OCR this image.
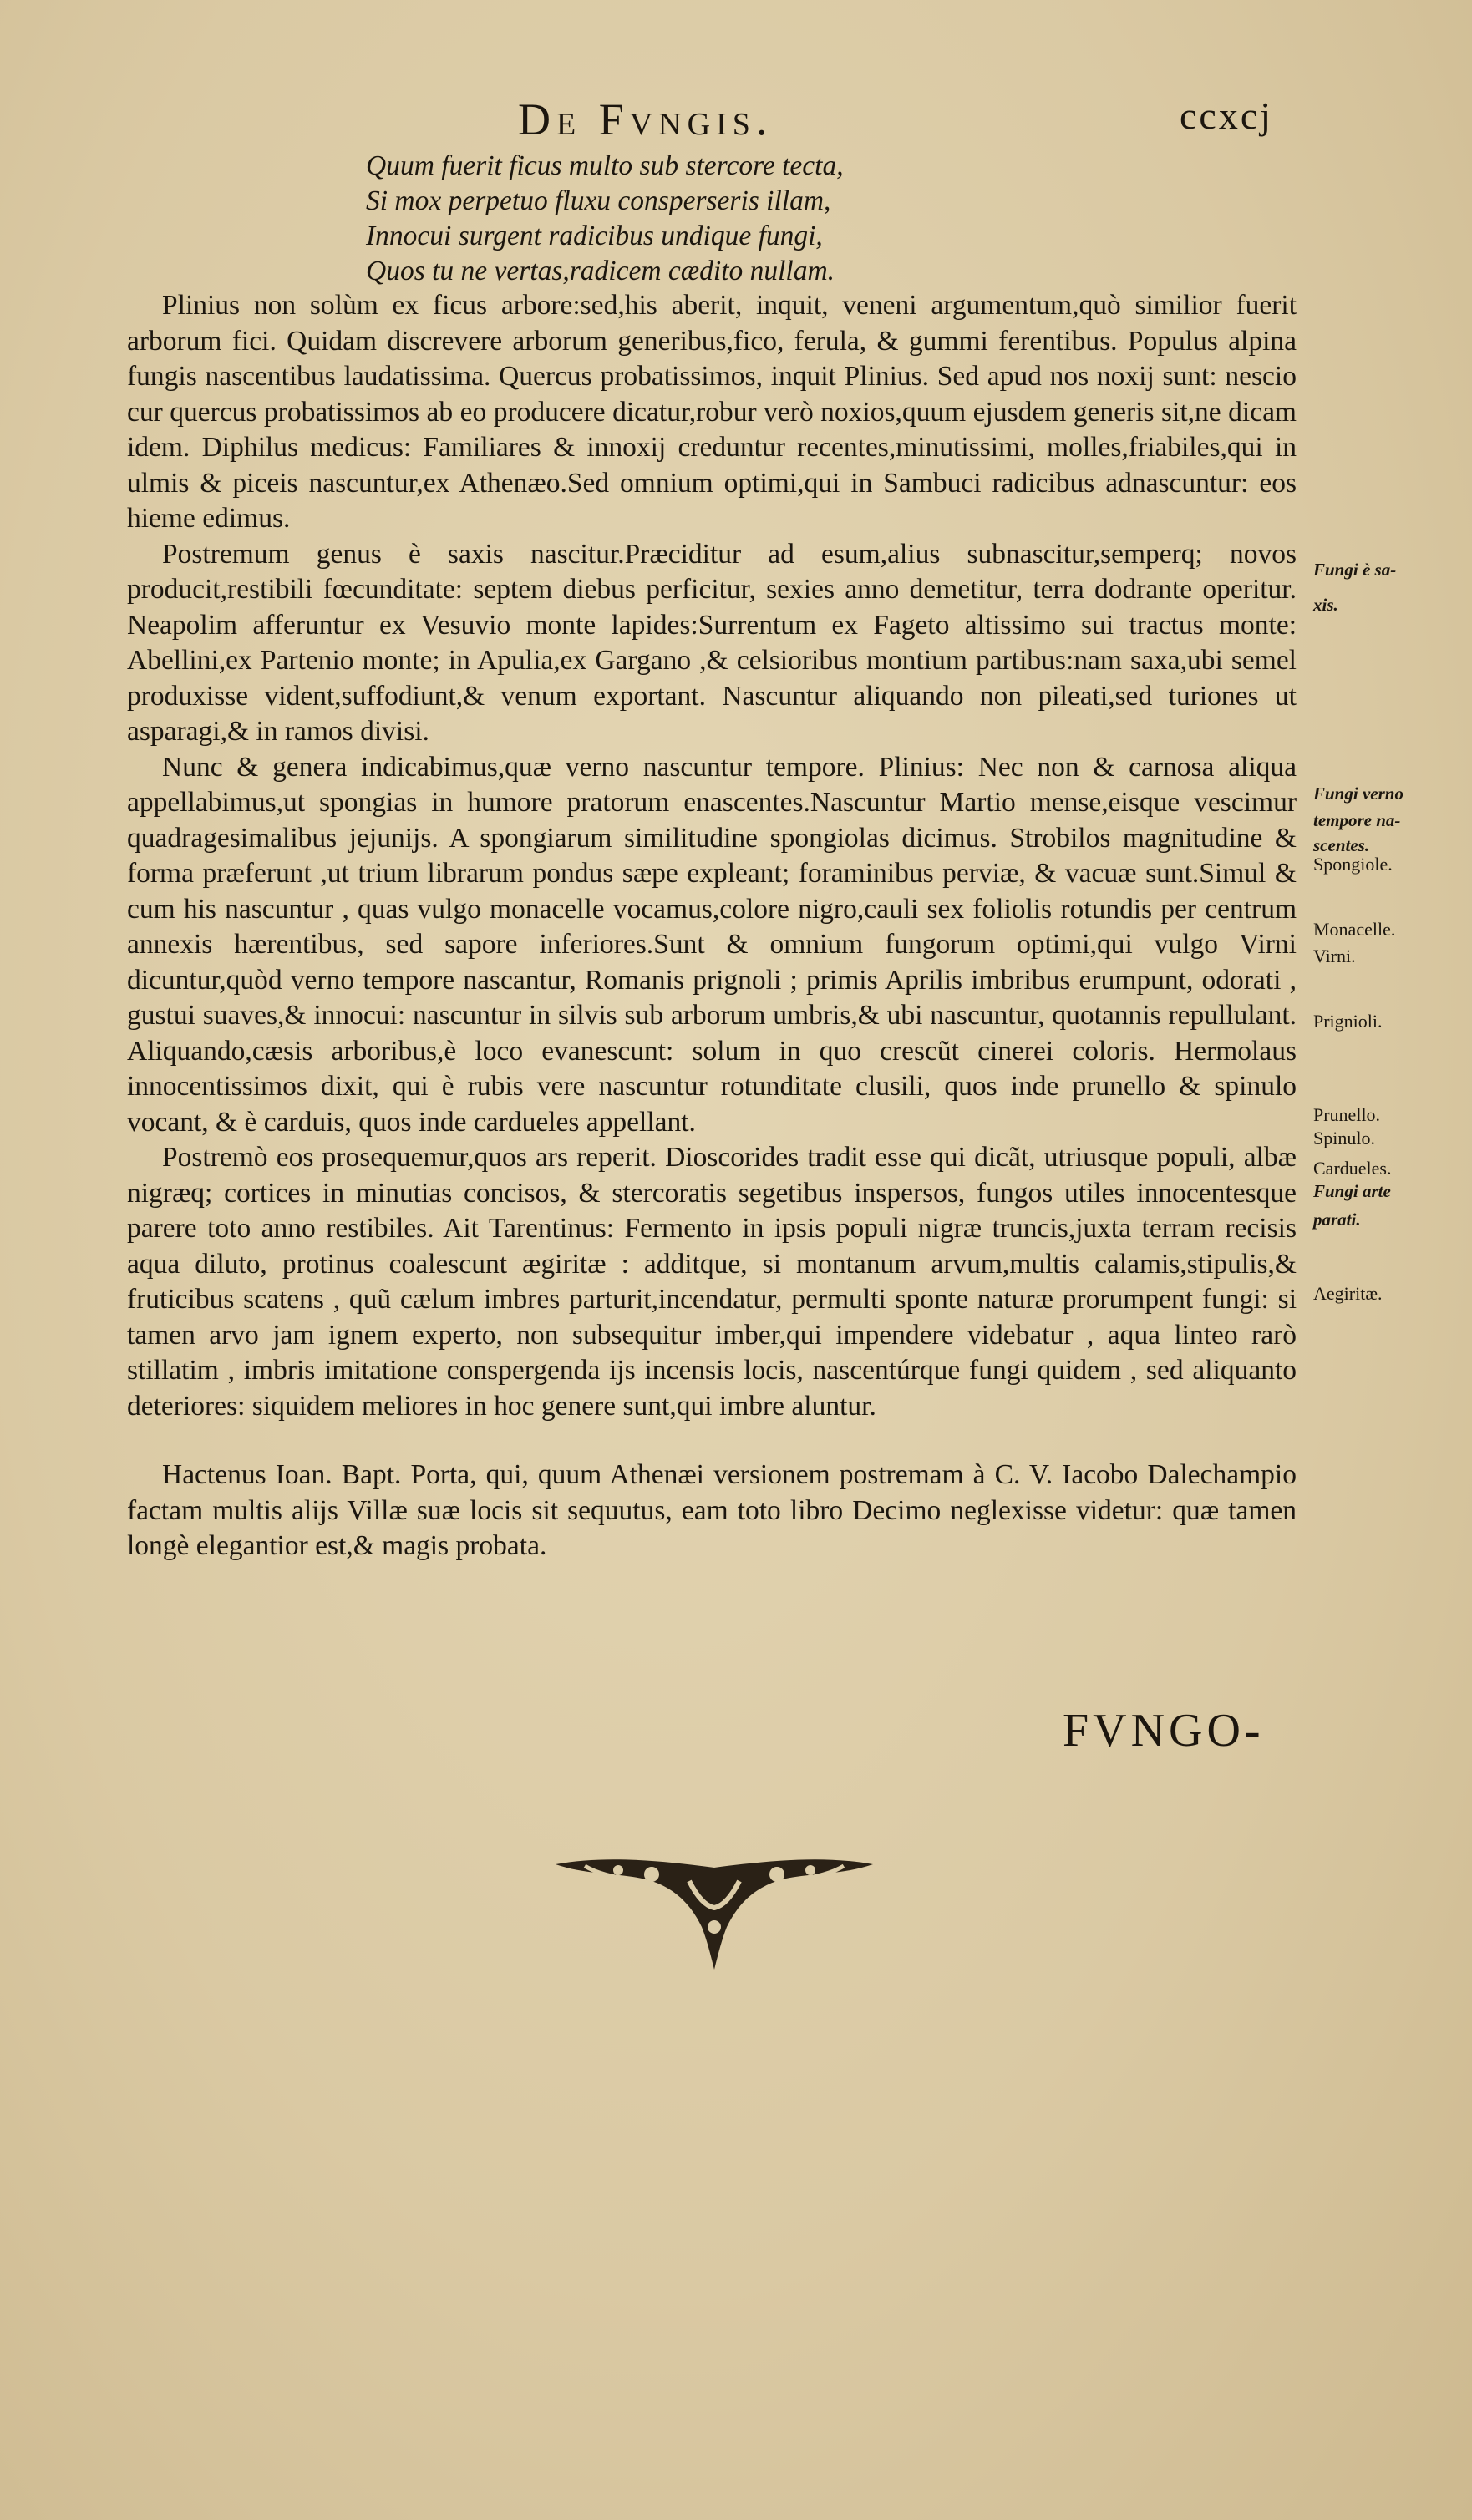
De Fvngis.	ccxcj
Quum fuerit ficus multo sub stercore tecta,
Si mox perpetuo fluxu consperseris illam,
Innocui surgent radicibus undique fungi,
Quos tu ne vertas,radicem cædito nullam.

Plinius non solùm ex ficus arbore:sed,his aberit, inquit, veneni argumentum,quò similior fuerit arborum fici. Quidam discrevere arborum generibus,fico, ferula, & gummi ferentibus. Populus alpina fungis nascentibus laudatissima. Quercus probatissimos, inquit Plinius. Sed apud nos noxij sunt: nescio cur quercus probatissimos ab eo producere dicatur,robur verò noxios,quum ejusdem generis sit,ne dicam idem. Diphilus medicus: Familiares & innoxij creduntur recentes,minutissimi, molles,friabiles,qui in ulmis & piceis nascuntur,ex Athenæo.Sed omnium optimi,qui in Sambuci radicibus adnascuntur: eos hieme edimus.

Postremum genus è saxis nascitur.Præciditur ad esum,alius subnascitur,semperq; novos producit,restibili fœcunditate: septem diebus perficitur, sexies anno demetitur, terra dodrante operitur. Neapolim afferuntur ex Vesuvio monte lapides:Surrentum ex Fageto altissimo sui tractus monte: Abellini,ex Partenio monte; in Apulia,ex Gargano ,& celsioribus montium partibus:nam saxa,ubi semel produxisse vident,suffodiunt,& venum exportant. Nascuntur aliquando non pileati,sed turiones ut asparagi,& in ramos divisi.

Nunc & genera indicabimus,quæ verno nascuntur tempore. Plinius: Nec non & carnosa aliqua appellabimus,ut spongias in humore pratorum enascentes.Nascuntur Martio mense,eisque vescimur quadragesimalibus jejunijs. A spongiarum similitudine spongiolas dicimus. Strobilos magnitudine & forma præferunt ,ut trium librarum pondus sæpe expleant; foraminibus perviæ, & vacuæ sunt.Simul & cum his nascuntur , quas vulgo monacelle vocamus,colore nigro,cauli sex foliolis rotundis per centrum annexis hærentibus, sed sapore inferiores.Sunt & omnium fungorum optimi,qui vulgo Virni dicuntur,quòd verno tempore nascantur, Romanis prignoli ; primis Aprilis imbribus erumpunt, odorati , gustui suaves,& innocui: nascuntur in silvis sub arborum umbris,& ubi nascuntur, quotannis repullulant. Aliquando,cæsis arboribus,è loco evanescunt: solum in quo crescũt cinerei coloris. Hermolaus innocentissimos dixit, qui è rubis vere nascuntur rotunditate clusili, quos inde prunello & spinulo vocant, & è carduis, quos inde cardueles appellant.

Postremò eos prosequemur,quos ars reperit. Dioscorides tradit esse qui dicãt, utriusque populi, albæ nigræq; cortices in minutias concisos, & stercoratis segetibus inspersos, fungos utiles innocentesque parere toto anno restibiles. Ait Tarentinus: Fermento in ipsis populi nigræ truncis,juxta terram recisis aqua diluto, protinus coalescunt ægiritæ : additque, si montanum arvum,multis calamis,stipulis,& fruticibus scatens , quũ cælum imbres parturit,incendatur, permulti sponte naturæ prorumpent fungi: si tamen arvo jam ignem experto, non subsequitur imber,qui impendere videbatur , aqua linteo rarò stillatim , imbris imitatione conspergenda ijs incensis locis, nascentúrque fungi quidem , sed aliquanto deteriores: siquidem meliores in hoc genere sunt,qui imbre aluntur.

Hactenus Ioan. Bapt. Porta, qui, quum Athenæi versionem postremam à C. V. Iacobo Dalechampio factam multis alijs Villæ suæ locis sit sequutus, eam toto libro Decimo neglexisse videtur: quæ tamen longè elegantior est,& magis probata.

Fungi è sa-
xis.
Fungi verno
tempore na-
scentes.
Spongiole.
Monacelle.
Virni.
Prignioli.
Prunello.
Spinulo.
Cardueles.
Fungi arte
parati.
Aegiritæ.
FVNGO-
